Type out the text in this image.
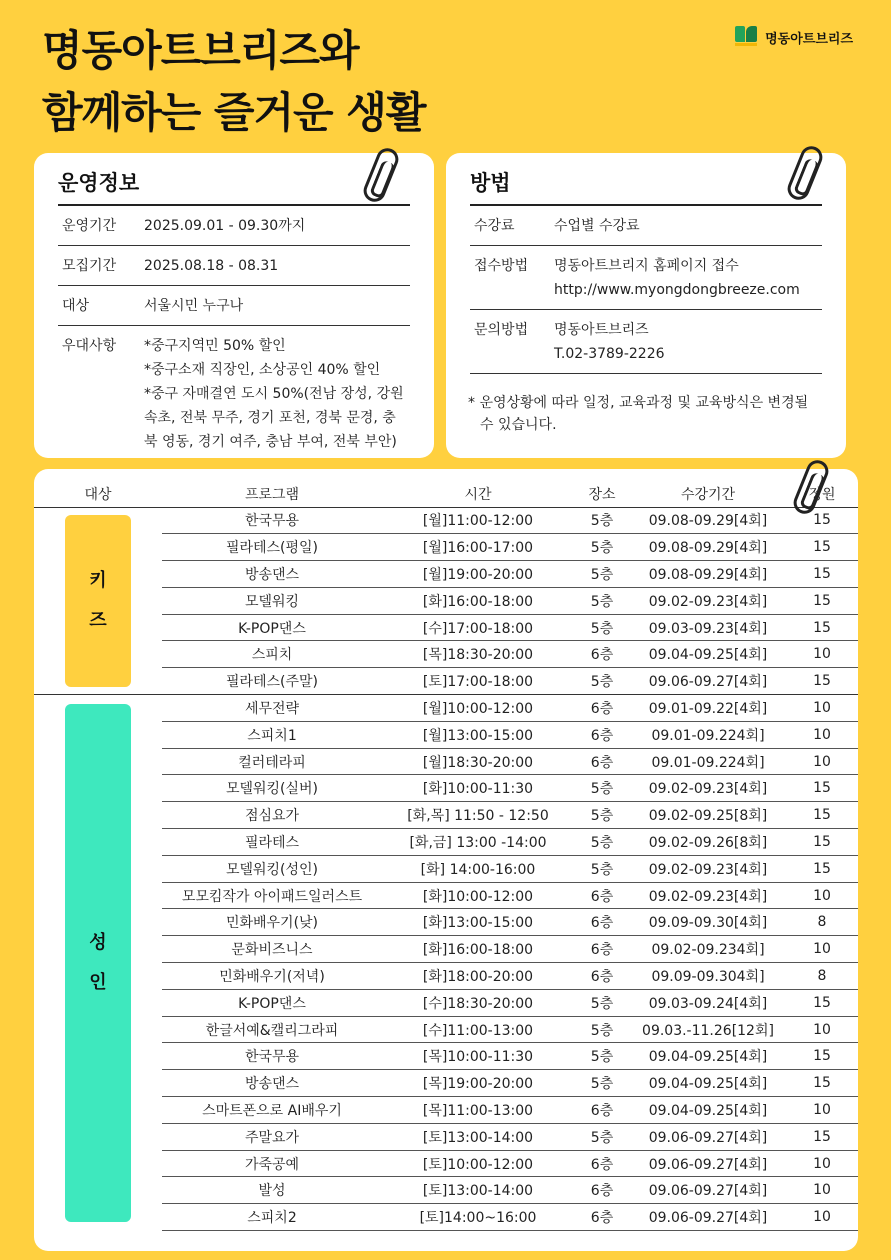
명동아트브리즈와
함께하는 즐거운 생활
명동아트브리즈
운영정보
운영기간	2025.09.01 - 09.30까지
모집기간	2025.08.18 - 08.31
대상	서울시민 누구나
우대사항	*중구지역민 50% 할인
*중구소재 직장인, 소상공인 40% 할인
*중구 자매결연 도시 50%(전남 장성, 강원
속초, 전북 무주, 경기 포천, 경북 문경, 충
북 영동, 경기 여주, 충남 부여, 전북 부안)
방법
수강료	수업별 수강료
접수방법	명동아트브리지 홈페이지 접수
http://www.myongdongbreeze.com
문의방법	명동아트브리즈
T.02-3789-2226
* 운영상황에 따라 일정, 교육과정 및 교육방식은 변경될 수 있습니다.
대상	프로그램	시간	장소	수강기간	정원

키
즈	한국무용	[월]11:00-12:00	5층	09.08-09.29[4회]	15
	필라테스(평일)	[월]16:00-17:00	5층	09.08-09.29[4회]	15
	방송댄스	[월]19:00-20:00	5층	09.08-09.29[4회]	15
	모델워킹	[화]16:00-18:00	5층	09.02-09.23[4회]	15
	K-POP댄스	[수]17:00-18:00	5층	09.03-09.23[4회]	15
	스피치	[목]18:30-20:00	6층	09.04-09.25[4회]	10
	필라테스(주말)	[토]17:00-18:00	5층	09.06-09.27[4회]	15

성
인	세무전략	[월]10:00-12:00	6층	09.01-09.22[4회]	10
	스피치1	[월]13:00-15:00	6층	09.01-09.224회]	10
	컬러테라피	[월]18:30-20:00	6층	09.01-09.224회]	10
	모델워킹(실버)	[화]10:00-11:30	5층	09.02-09.23[4회]	15
	점심요가	[화,목] 11:50 - 12:50	5층	09.02-09.25[8회]	15
	필라테스	[화,금] 13:00 -14:00	5층	09.02-09.26[8회]	15
	모델워킹(성인)	[화] 14:00-16:00	5층	09.02-09.23[4회]	15
	모모킴작가 아이패드일러스트	[화]10:00-12:00	6층	09.02-09.23[4회]	10
	민화배우기(낮)	[화]13:00-15:00	6층	09.09-09.30[4회]	8
	문화비즈니스	[화]16:00-18:00	6층	09.02-09.234회]	10
	민화배우기(저녁)	[화]18:00-20:00	6층	09.09-09.304회]	8
	K-POP댄스	[수]18:30-20:00	5층	09.03-09.24[4회]	15
	한글서예&캘리그라피	[수]11:00-13:00	5층	09.03.-11.26[12회]	10
	한국무용	[목]10:00-11:30	5층	09.04-09.25[4회]	15
	방송댄스	[목]19:00-20:00	5층	09.04-09.25[4회]	15
	스마트폰으로 AI배우기	[목]11:00-13:00	6층	09.04-09.25[4회]	10
	주말요가	[토]13:00-14:00	5층	09.06-09.27[4회]	15
	가죽공예	[토]10:00-12:00	6층	09.06-09.27[4회]	10
	발성	[토]13:00-14:00	6층	09.06-09.27[4회]	10
	스피치2	[토]14:00~16:00	6층	09.06-09.27[4회]	10
